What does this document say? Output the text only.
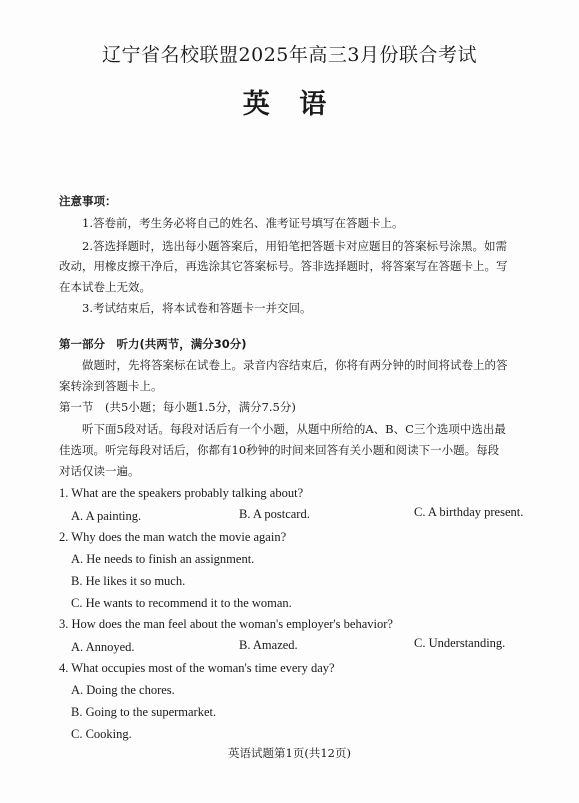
辽宁省名校联盟2025年高三3月份联合考试
英 语
注意事项：
1.答卷前，考生务必将自己的姓名、准考证号填写在答题卡上。
2.答选择题时，选出每小题答案后，用铅笔把答题卡对应题目的答案标号涂黑。如需
改动，用橡皮擦干净后，再选涂其它答案标号。答非选择题时，将答案写在答题卡上。写
在本试卷上无效。
3.考试结束后，将本试卷和答题卡一并交回。
第一部分　听力(共两节，满分30分)
做题时，先将答案标在试卷上。录音内容结束后，你将有两分钟的时间将试卷上的答
案转涂到答题卡上。
第一节　(共5小题；每小题1.5分，满分7.5分)
听下面5段对话。每段对话后有一个小题，从题中所给的A、B、C三个选项中选出最
佳选项。听完每段对话后，你都有10秒钟的时间来回答有关小题和阅读下一小题。每段
对话仅读一遍。
1. What are the speakers probably talking about?
A. A painting.	B. A postcard.	C. A birthday present.
2. Why does the man watch the movie again?
A. He needs to finish an assignment.
B. He likes it so much.
C. He wants to recommend it to the woman.
3. How does the man feel about the woman's employer's behavior?
A. Annoyed.	B. Amazed.	C. Understanding.
4. What occupies most of the woman's time every day?
A. Doing the chores.
B. Going to the supermarket.
C. Cooking.
英语试题第1页(共12页)
